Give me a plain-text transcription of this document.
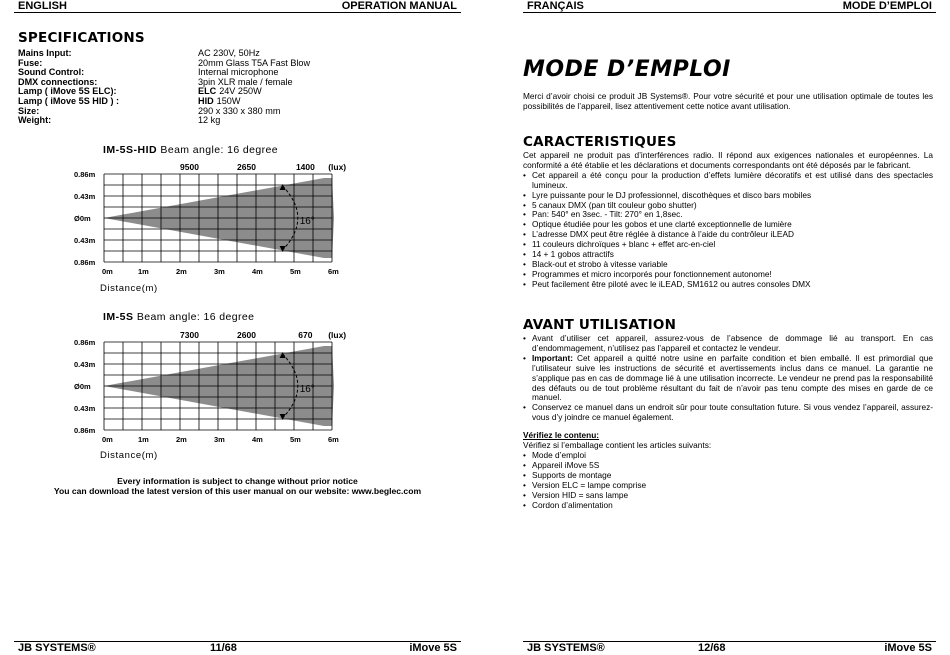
ENGLISH	OPERATION MANUAL
SPECIFICATIONS
Mains Input:	AC 230V, 50Hz
Fuse:	20mm Glass T5A Fast Blow
Sound Control:	Internal microphone
DMX connections:	3pin XLR male / female
Lamp ( iMove 5S ELC):	ELC 24V 250W
Lamp ( iMove 5S HID ) :	HID 150W
Size:	290 x 330 x 380 mm
Weight:	12 kg
IM-5S-HID Beam angle: 16 degree
16°
9500	2650	1400 (lux)
0.86m
0.43m
Ø0m
0.43m
0.86m
0m	1m	2m	3m	4m	5m	6m
Distance(m)
IM-5S Beam angle: 16 degree
16°
7300	2600	670 (lux)
0.86m
0.43m
Ø0m
0.43m
0.86m
0m	1m	2m	3m	4m	5m	6m
Distance(m)
Every information is subject to change without prior notice
You can download the latest version of this user manual on our website: www.beglec.com
JB SYSTEMS®	11/68	iMove 5S
FRANÇAIS	MODE D’EMPLOI
JB SYSTEMS®	12/68	iMove 5S
MODE D’EMPLOI

Merci d’avoir choisi ce produit JB Systems®. Pour votre sécurité et pour une utilisation optimale de toutes les possibilités de l’appareil, lisez attentivement cette notice avant utilisation.

CARACTERISTIQUES

Cet appareil ne produit pas d’interférences radio. Il répond aux exigences nationales et européennes. La conformité a été établie et les déclarations et documents correspondants ont été déposés par le fabricant.

• Cet appareil a été conçu pour la production d’effets lumière décoratifs et est utilisé dans des spectacles lumineux.
• Lyre puissante pour le DJ professionnel, discothèques et disco bars mobiles
• 5 canaux DMX (pan tilt couleur gobo shutter)
• Pan: 540° en 3sec. - Tilt: 270° en 1,8sec.
• Optique étudiée pour les gobos et une clarté exceptionnelle de lumière
• L’adresse DMX peut être réglée à distance à l’aide du contrôleur iLEAD
• 11 couleurs dichroïques + blanc + effet arc-en-ciel
• 14 + 1 gobos attractifs
• Black-out et strobo à vitesse variable
• Programmes et micro incorporés pour fonctionnement autonome!
• Peut facilement être piloté avec le iLEAD, SM1612 ou autres consoles DMX
AVANT UTILISATION
• Avant d’utiliser cet appareil, assurez-vous de l’absence de dommage lié au transport. En cas d’endommagement, n’utilisez pas l’appareil et contactez le vendeur.
• Important: Cet appareil a quitté notre usine en parfaite condition et bien emballé. Il est primordial que l’utilisateur suive les instructions de sécurité et avertissements inclus dans ce manuel. La garantie ne s’applique pas en cas de dommage lié à une utilisation incorrecte. Le vendeur ne prend pas la responsabilité des défauts ou de tout problème résultant du fait de n’avoir pas tenu compte des mises en garde de ce manuel.
• Conservez ce manuel dans un endroit sûr pour toute consultation future. Si vous vendez l’appareil, assurez-vous d’y joindre ce manuel également.

Vérifiez le contenu:

Vérifiez si l’emballage contient les articles suivants:

• Mode d’emploi
• Appareil iMove 5S
• Supports de montage
• Version ELC = lampe comprise
• Version HID = sans lampe
• Cordon d’alimentation
